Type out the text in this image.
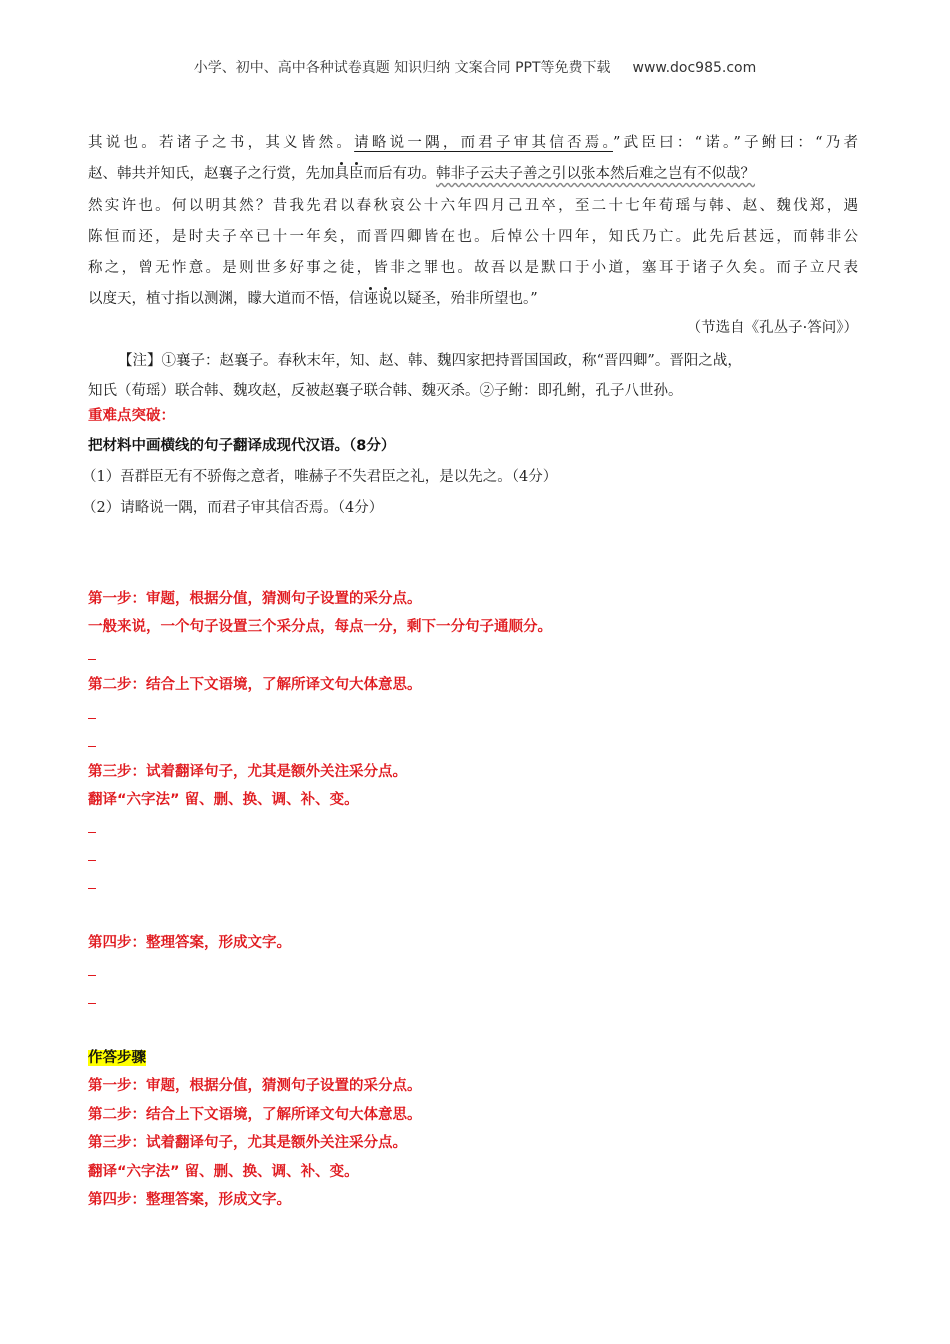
小学、初中、高中各种试卷真题 知识归纳 文案合同 PPT等免费下载 www.doc985.com
其说也。若诸子之书，其义皆然。请略说一隅，而君子审其信否焉。”武臣曰：“诺。”子鲋曰：“乃者
赵、韩共并知氏，赵襄子之行赏，先加具臣而后有功。韩非子云夫子善之引以张本然后难之岂有不似哉？
然实许也。何以明其然？昔我先君以春秋哀公十六年四月己丑卒，至二十七年荀瑶与韩、赵、魏伐郑，遇
陈恒而还，是时夫子卒已十一年矣，而晋四卿皆在也。后悼公十四年，知氏乃亡。此先后甚远，而韩非公
称之，曾无怍意。是则世多好事之徒，皆非之罪也。故吾以是默口于小道，塞耳于诸子久矣。而子立尺表
以度天，植寸指以测渊，矇大道而不悟，信诬说以疑圣，殆非所望也。”
（节选自《孔丛子·答问》）
【注】①襄子：赵襄子。春秋末年，知、赵、韩、魏四家把持晋国国政，称“晋四卿”。晋阳之战，
知氏（荀瑶）联合韩、魏攻赵，反被赵襄子联合韩、魏灭杀。②子鲋：即孔鲋，孔子八世孙。
重难点突破：
把材料中画横线的句子翻译成现代汉语。（8分）
（1）吾群臣无有不骄侮之意者，唯赫子不失君臣之礼，是以先之。（4分）
（2）请略说一隅，而君子审其信否焉。（4分）
第一步：审题，根据分值，猜测句子设置的采分点。
一般来说，一个句子设置三个采分点，每点一分，剩下一分句子通顺分。
第二步：结合上下文语境，了解所译文句大体意思。
第三步：试着翻译句子，尤其是额外关注采分点。
翻译“六字法” 留、删、换、调、补、变。
第四步：整理答案，形成文字。
作答步骤
第一步：审题，根据分值，猜测句子设置的采分点。
第二步：结合上下文语境，了解所译文句大体意思。
第三步：试着翻译句子，尤其是额外关注采分点。
翻译“六字法” 留、删、换、调、补、变。
第四步：整理答案，形成文字。
